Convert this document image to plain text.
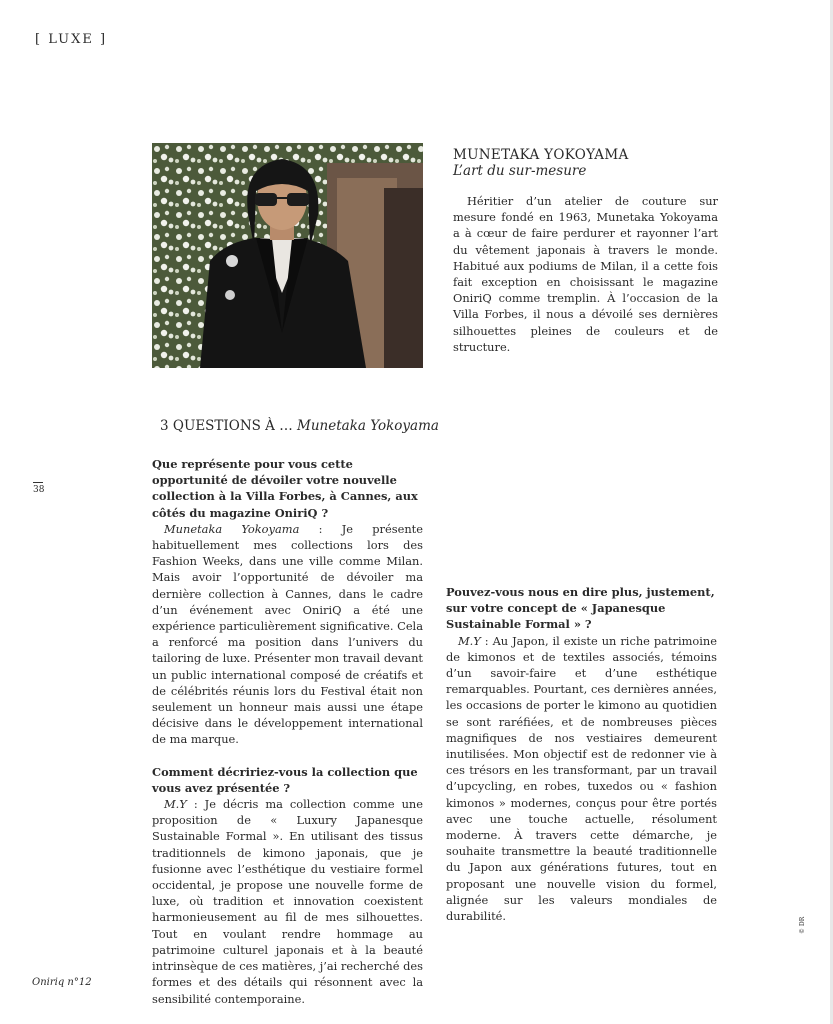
[ LUXE ]

MUNETAKA YOKOYAMA

L’art du sur-mesure

Héritier d’un atelier de couture sur mesure fondé en 1963, Munetaka Yokoyama a à cœur de faire perdurer et rayonner l’art du vêtement japonais à travers le monde. Habitué aux podiums de Milan, il a cette fois fait exception en choisissant le magazine OniriQ comme tremplin. À l’occasion de la Villa Forbes, il nous a dévoilé ses dernières silhouettes pleines de couleurs et de structure.

3 QUESTIONS À … Munetaka Yokoyama
38

Que représente pour vous cette opportunité de dévoiler votre nouvelle collection à la Villa Forbes, à Cannes, aux côtés du magazine OniriQ ?

Munetaka Yokoyama : Je présente habituellement mes collections lors des Fashion Weeks, dans une ville comme Milan. Mais avoir l’opportunité de dévoiler ma dernière collection à Cannes, dans le cadre d’un événement avec OniriQ a été une expérience particulièrement significative. Cela a renforcé ma position dans l’univers du tailoring de luxe. Présenter mon travail devant un public international composé de créatifs et de célébrités réunis lors du Festival était non seulement un honneur mais aussi une étape décisive dans le développement international de ma marque.

Comment décririez-vous la collection que vous avez présentée ?

M.Y : Je décris ma collection comme une proposition de « Luxury Japanesque Sustainable Formal ». En utilisant des tissus traditionnels de kimono japonais, que je fusionne avec l’esthétique du vestiaire formel occidental, je propose une nouvelle forme de luxe, où tradition et innovation coexistent harmonieusement au fil de mes silhouettes. Tout en voulant rendre hommage au patrimoine culturel japonais et à la beauté intrinsèque de ces matières, j’ai recherché des formes et des détails qui résonnent avec la sensibilité contemporaine.

Pouvez-vous nous en dire plus, justement, sur votre concept de « Japanesque Sustainable Formal » ?

M.Y : Au Japon, il existe un riche patrimoine de kimonos et de textiles associés, témoins d’un savoir-faire et d’une esthétique remarquables. Pourtant, ces dernières années, les occasions de porter le kimono au quotidien se sont raréfiées, et de nombreuses pièces magnifiques de nos vestiaires demeurent inutilisées. Mon objectif est de redonner vie à ces trésors en les transformant, par un travail d’upcycling, en robes, tuxedos ou « fashion kimonos » modernes, conçus pour être portés avec une touche actuelle, résolument moderne. À travers cette démarche, je souhaite transmettre la beauté traditionnelle du Japon aux générations futures, tout en proposant une nouvelle vision du formel, alignée sur les valeurs mondiales de durabilité.

Oniriq n°12
© DR
